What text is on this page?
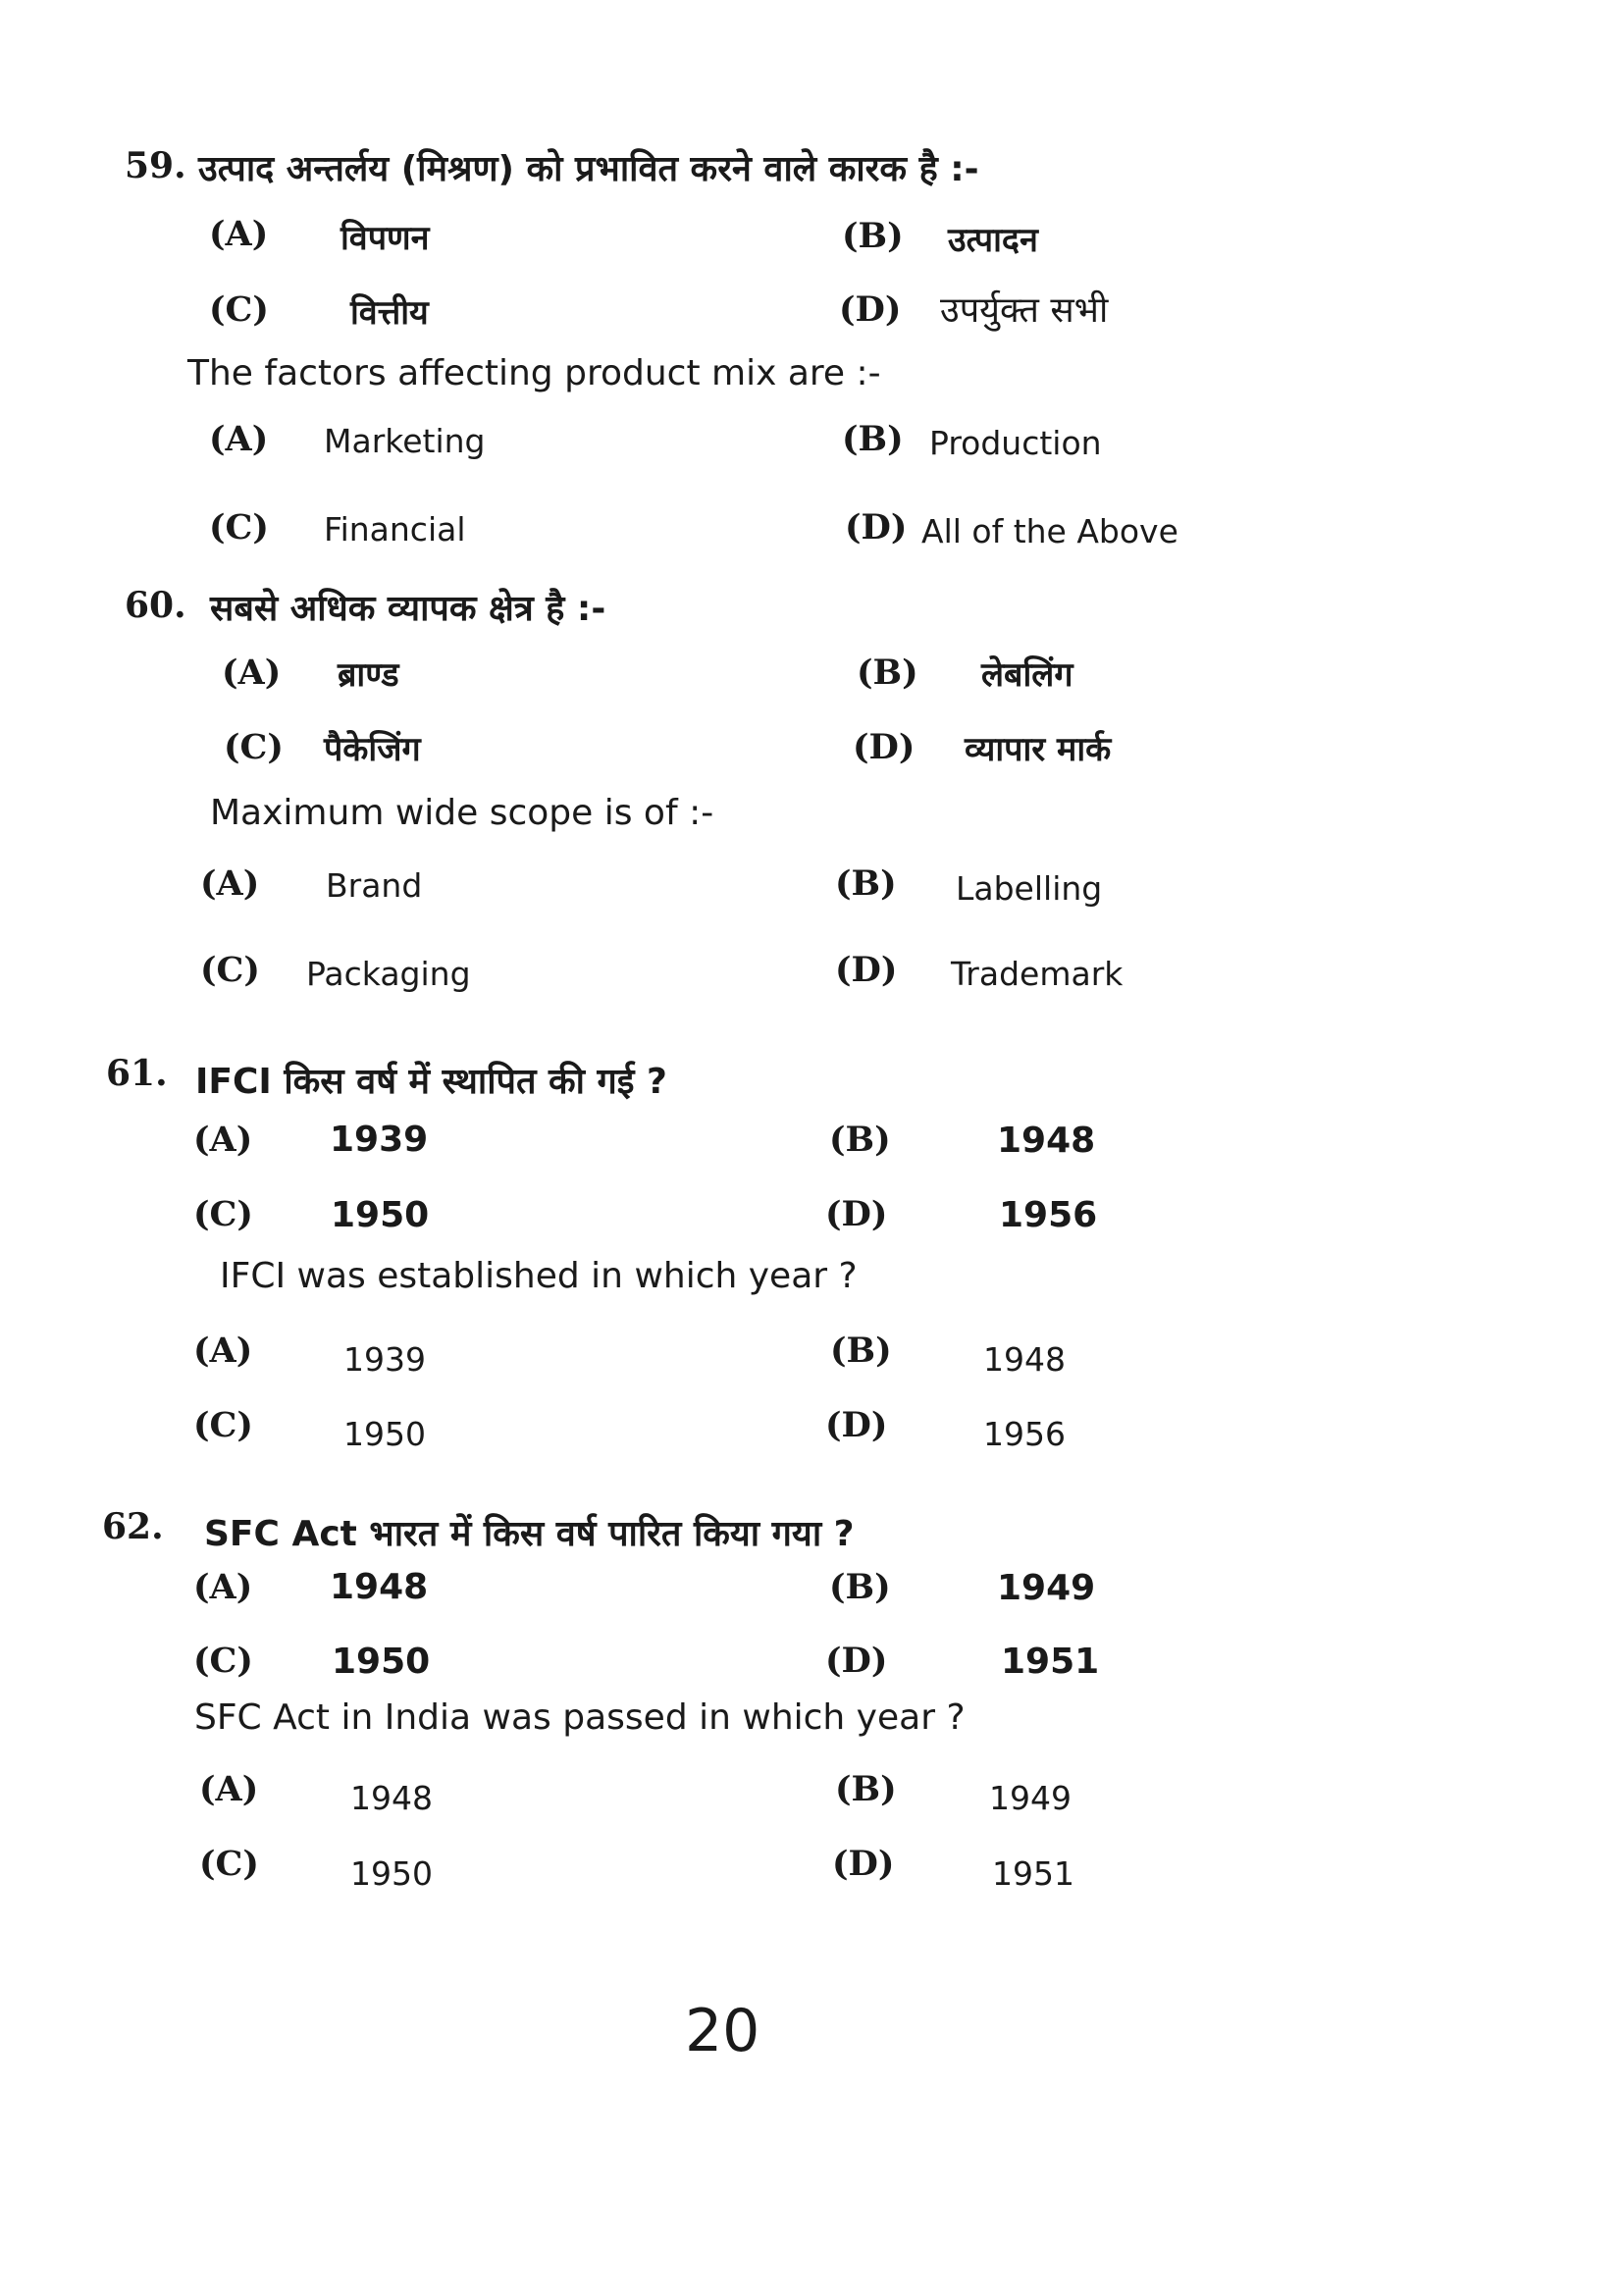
59. उत्पाद अन्तर्लय (मिश्रण) को प्रभावित करने वाले कारक है :-
(A) विपणन	(B) उत्पादन
(C) वित्तीय	(D) उपर्युक्त सभी
The factors affecting product mix are :-
(A) Marketing	(B) Production
(C) Financial	(D) All of the Above
60. सबसे अधिक व्यापक क्षेत्र है :-
(A) ब्राण्ड	(B) लेबलिंग
(C) पैकेजिंग	(D) व्यापार मार्क
Maximum wide scope is of :-
(A) Brand	(B) Labelling
(C) Packaging	(D) Trademark
61. IFCI किस वर्ष में स्थापित की गई ?
(A) 1939	(B)	1948
(C) 1950	(D)	1956
IFCI was established in which year ?
(A)	1939	(B)	1948
(C)	1950	(D)	1956
62. SFC Act भारत में किस वर्ष पारित किया गया ?
(A) 1948	(B)	1949
(C) 1950	(D)	1951
SFC Act in India was passed in which year ?
(A)	1948	(B)	1949
(C)	1950	(D)	1951
20
